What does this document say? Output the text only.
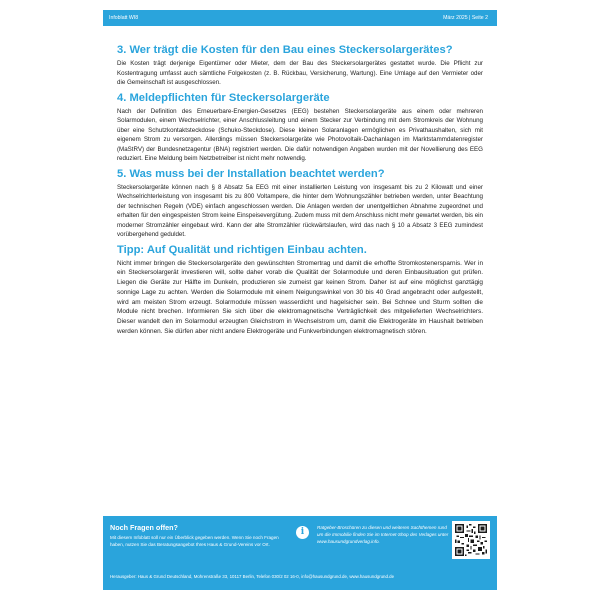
Infoblatt WI8	März 2025 | Seite 2
3. Wer trägt die Kosten für den Bau eines Steckersolargerätes?

Die Kosten trägt derjenige Eigentümer oder Mieter, dem der Bau des Steckersolargerätes gestattet wurde. Die Pflicht zur Kostentragung umfasst auch sämtliche Folgekosten (z. B. Rückbau, Versicherung, Wartung). Eine Umlage auf den Vermieter oder die Gemeinschaft ist ausgeschlossen.

4. Meldepflichten für Steckersolargeräte

Nach der Definition des Erneuerbare-Energien-Gesetzes (EEG) bestehen Steckersolargeräte aus einem oder mehreren Solarmodulen, einem Wechselrichter, einer Anschlussleitung und einem Stecker zur Verbindung mit dem Stromkreis der Wohnung über eine Schutzkontaktsteckdose (Schuko-Steckdose). Diese kleinen Solaranlagen ermöglichen es Privathaushalten, sich mit eigenem Strom zu versorgen. Allerdings müssen Steckersolargeräte wie Photovoltaik-Dachanlagen im Marktstammdatenregister (MaStRV) der Bundesnetzagentur (BNA) registriert werden. Die dafür notwendigen Angaben wurden mit der Novellierung des EEG reduziert. Eine Meldung beim Netzbetreiber ist nicht mehr notwendig.

5. Was muss bei der Installation beachtet werden?

Steckersolargeräte können nach § 8 Absatz 5a EEG mit einer installierten Leistung von insgesamt bis zu 2 Kilowatt und einer Wechselrichterleistung von insgesamt bis zu 800 Voltampere, die hinter dem Wohnungszähler betrieben werden, unter Beachtung der technischen Regeln (VDE) einfach angeschlossen werden. Die Anlagen werden der unentgeltlichen Abnahme zugeordnet und erhalten für den eingespeisten Strom keine Einspeisevergütung. Zudem muss mit dem Anschluss nicht mehr gewartet werden, bis ein moderner Stromzähler eingebaut wird. Kann der alte Stromzähler rückwärtslaufen, wird das nach § 10 a Absatz 3 EEG zumindest vorübergehend geduldet.

Tipp: Auf Qualität und richtigen Einbau achten.

Nicht immer bringen die Steckersolargeräte den gewünschten Stromertrag und damit die erhoffte Stromkostenersparnis. Wer in ein Steckersolargerät investieren will, sollte daher vorab die Qualität der Solarmodule und deren Einbausituation gut prüfen. Liegen die Geräte zur Hälfte im Dunkeln, produzieren sie zumeist gar keinen Strom. Daher ist auf eine möglichst ganztägig sonnige Lage zu achten. Werden die Solarmodule mit einem Neigungswinkel von 30 bis 40 Grad angebracht oder aufgestellt, wird am meisten Strom erzeugt. Solarmodule müssen wasserdicht und hagelsicher sein. Bei Schnee und Sturm sollten die Module nicht brechen. Informieren Sie sich über die elektromagnetische Verträglichkeit des mitgelieferten Wechselrichters. Dieser wandelt den im Solarmodul erzeugten Gleichstrom in Wechselstrom um, damit die Elektrogeräte im Haushalt betrieben werden können. Sie dürfen aber nicht andere Elektrogeräte und Funkverbindungen elektromagnetisch stören.

Noch Fragen offen?
Mit diesem Infoblatt soll nur ein Überblick gegeben werden. Wenn Sie noch Fragen haben, nutzen Sie das Beratungsangebot Ihres Haus & Grund-Vereins vor Ort.
i	Ratgeber-Broschüren zu diesen und weiteren Sachthemen rund um die Immobilie finden Sie im Internet-Shop des Verlages unter www.hausundgrundverlag.info.
Herausgeber: Haus & Grund Deutschland, Mohrenstraße 33, 10117 Berlin, Telefon 030/2 02 16-0, info@hausundgrund.de, www.hausundgrund.de
